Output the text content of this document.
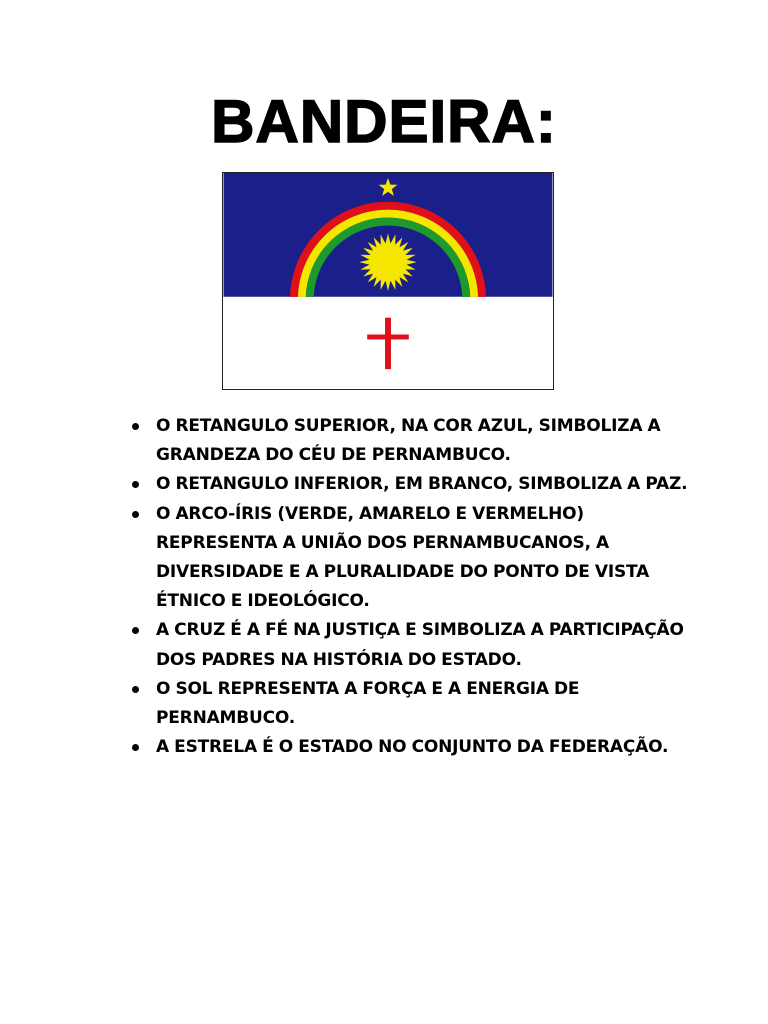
BANDEIRA:
O RETANGULO SUPERIOR, NA COR AZUL, SIMBOLIZA A GRANDEZA DO CÉU DE PERNAMBUCO.
O RETANGULO INFERIOR, EM BRANCO, SIMBOLIZA A PAZ.
O ARCO-ÍRIS (VERDE, AMARELO E VERMELHO) REPRESENTA A UNIÃO DOS PERNAMBUCANOS, A DIVERSIDADE E A PLURALIDADE DO PONTO DE VISTA ÉTNICO E IDEOLÓGICO.
A CRUZ É A FÉ NA JUSTIÇA E SIMBOLIZA A PARTICIPAÇÃO DOS PADRES NA HISTÓRIA DO ESTADO.
O SOL REPRESENTA A FORÇA E A ENERGIA DE PERNAMBUCO.
A ESTRELA É O ESTADO NO CONJUNTO DA FEDERAÇÃO.
